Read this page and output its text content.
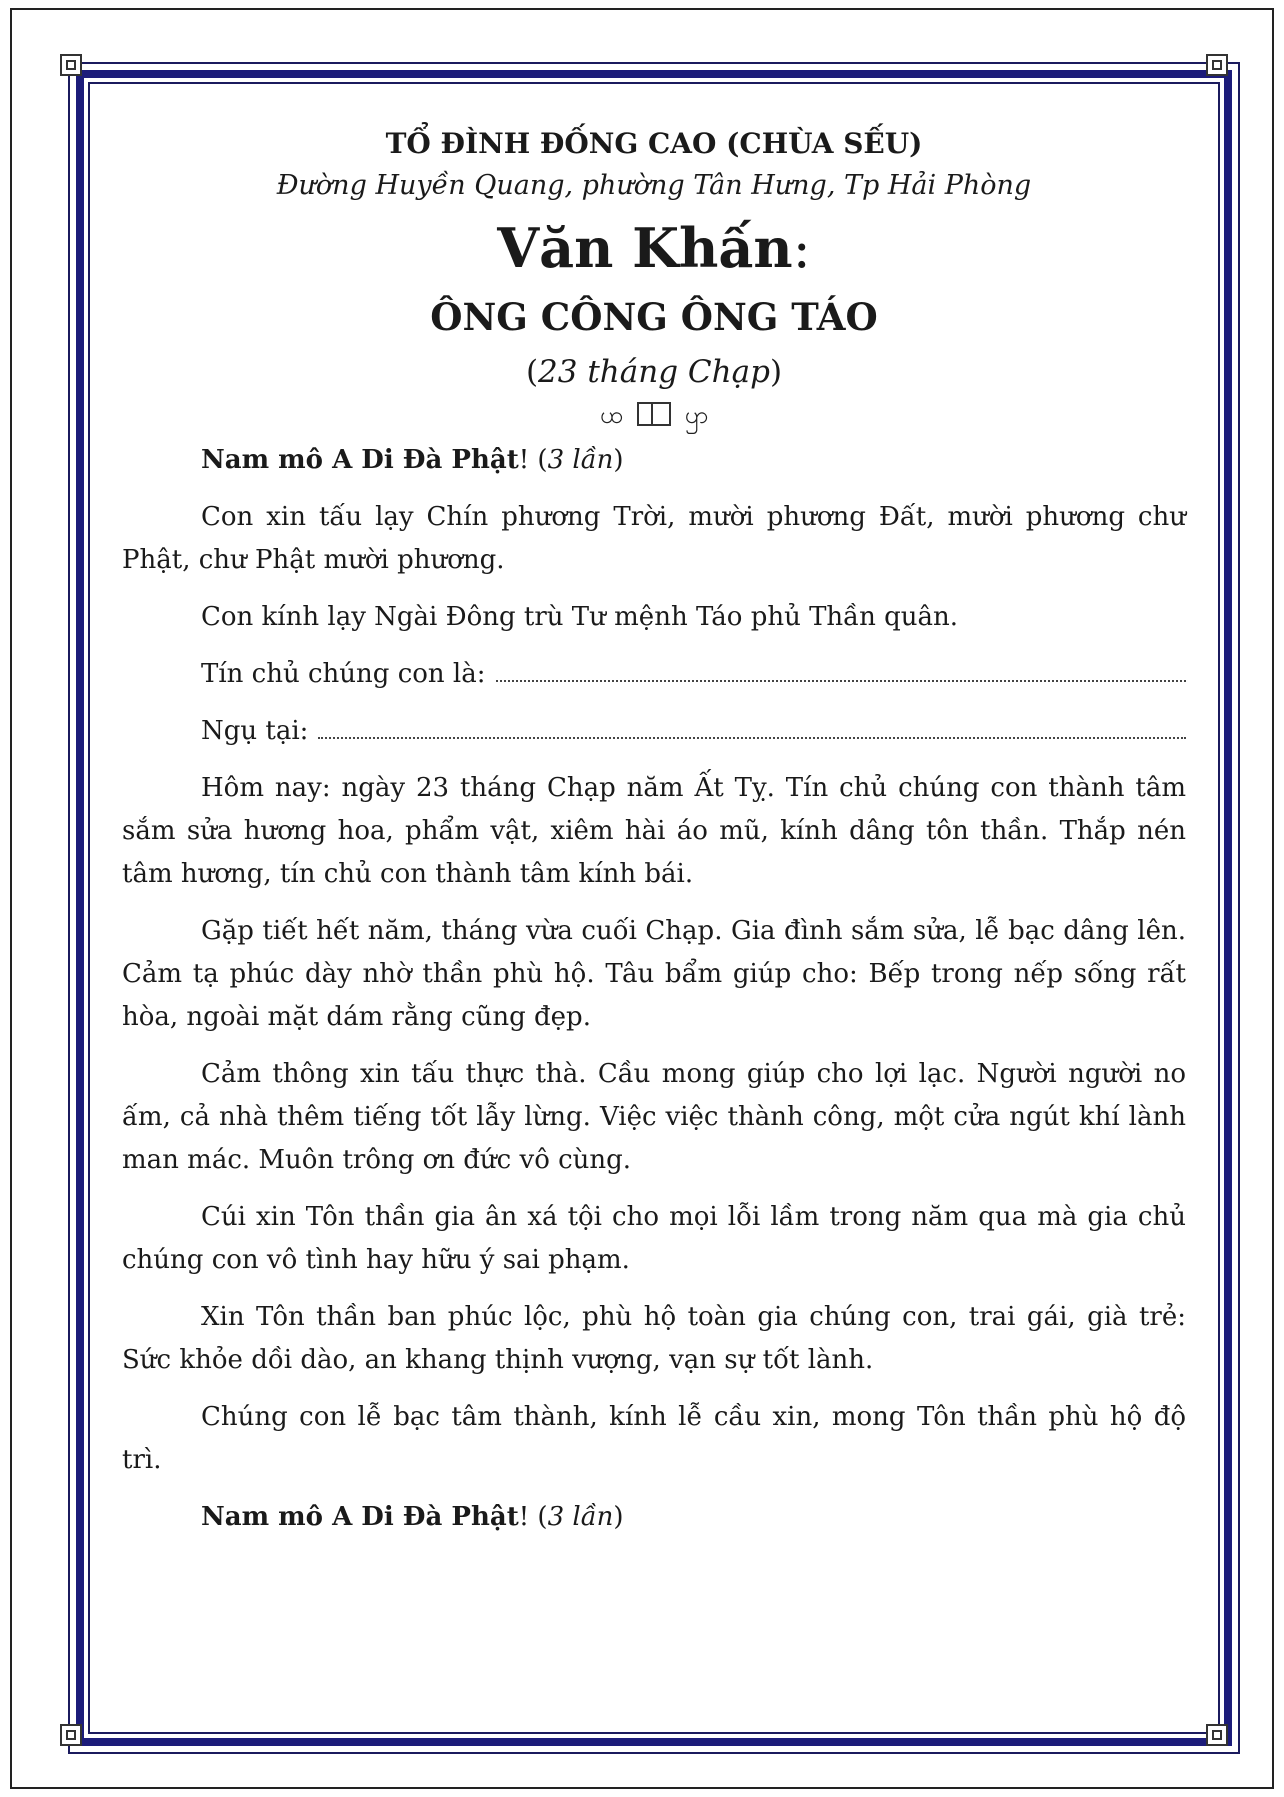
TỔ ĐÌNH ĐỐNG CAO (CHÙA SẾU)

Đường Huyền Quang, phường Tân Hưng, Tp Hải Phòng

Văn Khấn:

ÔNG CÔNG ÔNG TÁO

(23 tháng Chạp)

ꩤ	ꩥ

Nam mô A Di Đà Phật! (3 lần)

Con xin tấu lạy Chín phương Trời, mười phương Đất, mười phương chư Phật, chư Phật mười phương.

Con kính lạy Ngài Đông trù Tư mệnh Táo phủ Thần quân.

Tín chủ chúng con là:
Ngụ tại:

Hôm nay: ngày 23 tháng Chạp năm Ất Tỵ. Tín chủ chúng con thành tâm sắm sửa hương hoa, phẩm vật, xiêm hài áo mũ, kính dâng tôn thần. Thắp nén tâm hương, tín chủ con thành tâm kính bái.

Gặp tiết hết năm, tháng vừa cuối Chạp. Gia đình sắm sửa, lễ bạc dâng lên. Cảm tạ phúc dày nhờ thần phù hộ. Tâu bẩm giúp cho: Bếp trong nếp sống rất hòa, ngoài mặt dám rằng cũng đẹp.

Cảm thông xin tấu thực thà. Cầu mong giúp cho lợi lạc. Người người no ấm, cả nhà thêm tiếng tốt lẫy lừng. Việc việc thành công, một cửa ngút khí lành man mác. Muôn trông ơn đức vô cùng.

Cúi xin Tôn thần gia ân xá tội cho mọi lỗi lầm trong năm qua mà gia chủ chúng con vô tình hay hữu ý sai phạm.

Xin Tôn thần ban phúc lộc, phù hộ toàn gia chúng con, trai gái, già trẻ: Sức khỏe dồi dào, an khang thịnh vượng, vạn sự tốt lành.

Chúng con lễ bạc tâm thành, kính lễ cầu xin, mong Tôn thần phù hộ độ trì.

Nam mô A Di Đà Phật! (3 lần)
